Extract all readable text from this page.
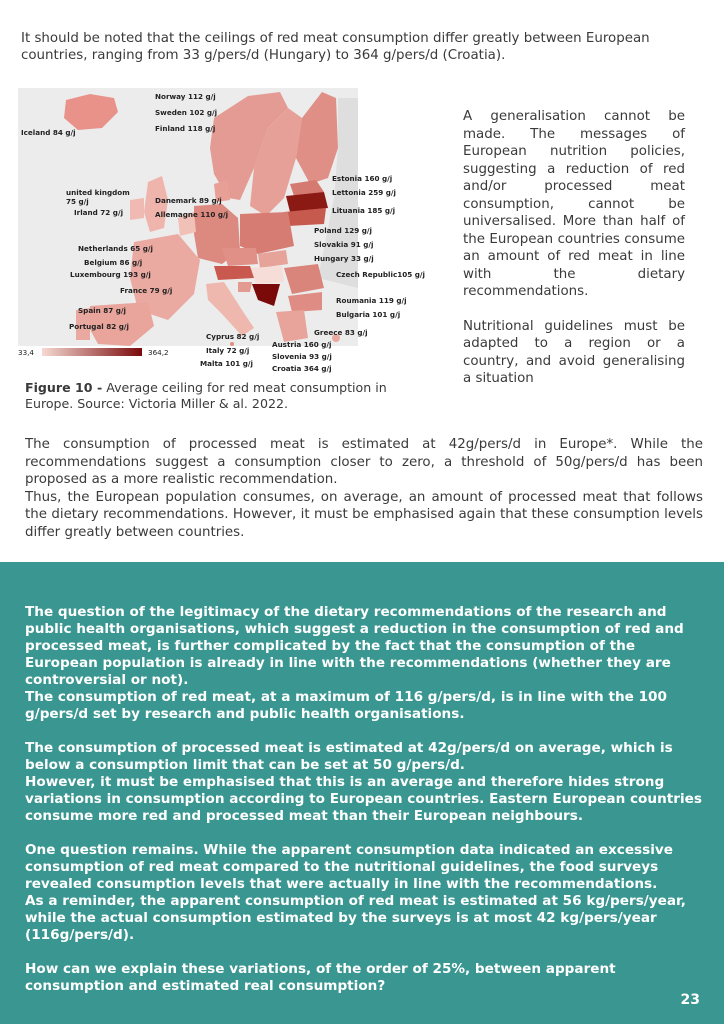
It should be noted that the ceilings of red meat consumption differ greatly between European countries, ranging from 33 g/pers/d (Hungary) to 364 g/pers/d (Croatia).

Norway 112 g/j
Sweden 102 g/j
Finland 118 g/j
Iceland 84 g/j
Estonia 160 g/j
Lettonia 259 g/j
Lituania 185 g/j
united kingdom
75 g/j
Irland 72 g/j
Danemark 89 g/j
Allemagne 110 g/j
Poland 129 g/j
Slovakia 91 g/j
Hungary 33 g/j
Netherlands 65 g/j
Belgium 86 g/j
Luxembourg 193 g/j	Czech Republic105 g/j
France 79 g/j
Roumania 119 g/j
Bulgaria 101 g/j
Spain 87 g/j
Portugal 82 g/j
Greece 83 g/j
Cyprus 82 g/j
Italy 72 g/j
Malta 101 g/j
Austria 160 g/j
Slovenia 93 g/j
Croatia 364 g/j
33,4	364,2

A generalisation cannot be made. The messages of European nutrition policies, suggesting a reduction of red and/or processed meat consumption, cannot be universalised. More than half of the European countries consume an amount of red meat in line with the dietary recommendations.

Nutritional guidelines must be adapted to a region or a country, and avoid generalising a situation

Figure 10 - Average ceiling for red meat consumption in Europe. Source: Victoria Miller & al. 2022.

The consumption of processed meat is estimated at 42g/pers/d in Europe*. While the recommendations suggest a consumption closer to zero, a threshold of 50g/pers/d has been proposed as a more realistic recommendation.

Thus, the European population consumes, on average, an amount of processed meat that follows the dietary recommendations. However, it must be emphasised again that these consumption levels differ greatly between countries.

The question of the legitimacy of the dietary recommendations of the research and public health organisations, which suggest a reduction in the consumption of red and processed meat, is further complicated by the fact that the consumption of the European population is already in line with the recommendations (whether they are controversial or not).

The consumption of red meat, at a maximum of 116 g/pers/d, is in line with the 100 g/pers/d set by research and public health organisations.

The consumption of processed meat is estimated at 42g/pers/d on average, which is below a consumption limit that can be set at 50 g/pers/d.

However, it must be emphasised that this is an average and therefore hides strong variations in consumption according to European countries. Eastern European countries consume more red and processed meat than their European neighbours.

One question remains. While the apparent consumption data indicated an excessive consumption of red meat compared to the nutritional guidelines, the food surveys revealed consumption levels that were actually in line with the recommendations.

As a reminder, the apparent consumption of red meat is estimated at 56 kg/pers/year, while the actual consumption estimated by the surveys is at most 42 kg/pers/year (116g/pers/d).

How can we explain these variations, of the order of 25%, between apparent consumption and estimated real consumption?

23
